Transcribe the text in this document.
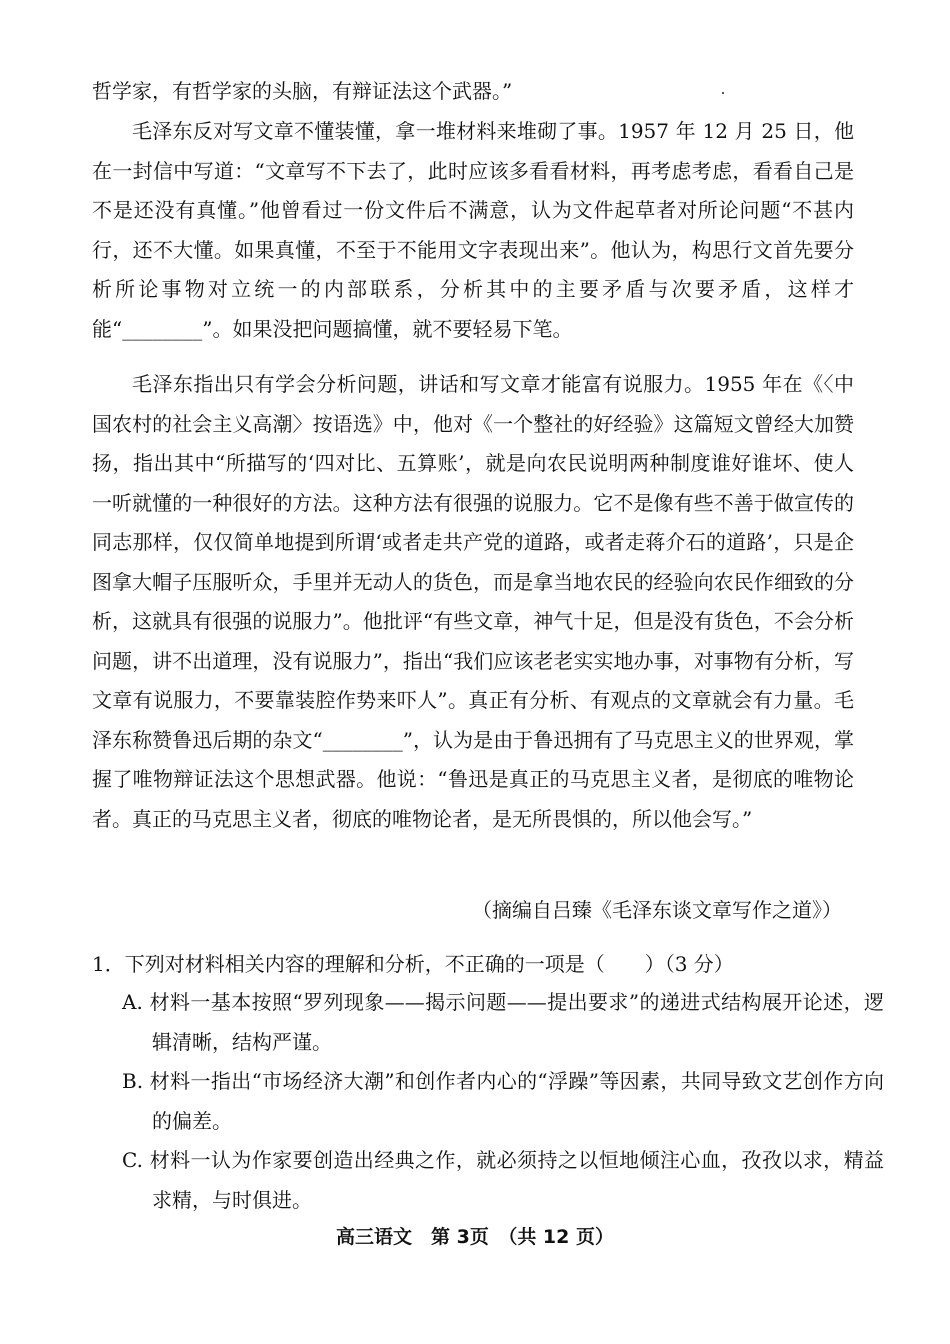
哲学家，有哲学家的头脑，有辩证法这个武器。”

毛泽东反对写文章不懂装懂，拿一堆材料来堆砌了事。1957 年 12 月 25 日，他在一封信中写道：“文章写不下去了，此时应该多看看材料，再考虑考虑，看看自己是不是还没有真懂。”他曾看过一份文件后不满意，认为文件起草者对所论问题“不甚内行，还不大懂。如果真懂，不至于不能用文字表现出来”。他认为，构思行文首先要分析所论事物对立统一的内部联系，分析其中的主要矛盾与次要矛盾，这样才能“________”。如果没把问题搞懂，就不要轻易下笔。

毛泽东指出只有学会分析问题，讲话和写文章才能富有说服力。1955 年在《〈中国农村的社会主义高潮〉按语选》中，他对《一个整社的好经验》这篇短文曾经大加赞扬，指出其中“所描写的‘四对比、五算账’，就是向农民说明两种制度谁好谁坏、使人一听就懂的一种很好的方法。这种方法有很强的说服力。它不是像有些不善于做宣传的同志那样，仅仅简单地提到所谓‘或者走共产党的道路，或者走蒋介石的道路’，只是企图拿大帽子压服听众，手里并无动人的货色，而是拿当地农民的经验向农民作细致的分析，这就具有很强的说服力”。他批评“有些文章，神气十足，但是没有货色，不会分析问题，讲不出道理，没有说服力”，指出“我们应该老老实实地办事，对事物有分析，写文章有说服力，不要靠装腔作势来吓人”。真正有分析、有观点的文章就会有力量。毛泽东称赞鲁迅后期的杂文“________”，认为是由于鲁迅拥有了马克思主义的世界观，掌握了唯物辩证法这个思想武器。他说：“鲁迅是真正的马克思主义者，是彻底的唯物论者。真正的马克思主义者，彻底的唯物论者，是无所畏惧的，所以他会写。”

（摘编自吕臻《毛泽东谈文章写作之道》）

1．下列对材料相关内容的理解和分析，不正确的一项是（　　）（3 分）

A. 材料一基本按照“罗列现象——揭示问题——提出要求”的递进式结构展开论述，逻辑清晰，结构严谨。

B. 材料一指出“市场经济大潮”和创作者内心的“浮躁”等因素，共同导致文艺创作方向的偏差。

C. 材料一认为作家要创造出经典之作，就必须持之以恒地倾注心血，孜孜以求，精益求精，与时俱进。

高三语文　第 3页　（共 12 页）
